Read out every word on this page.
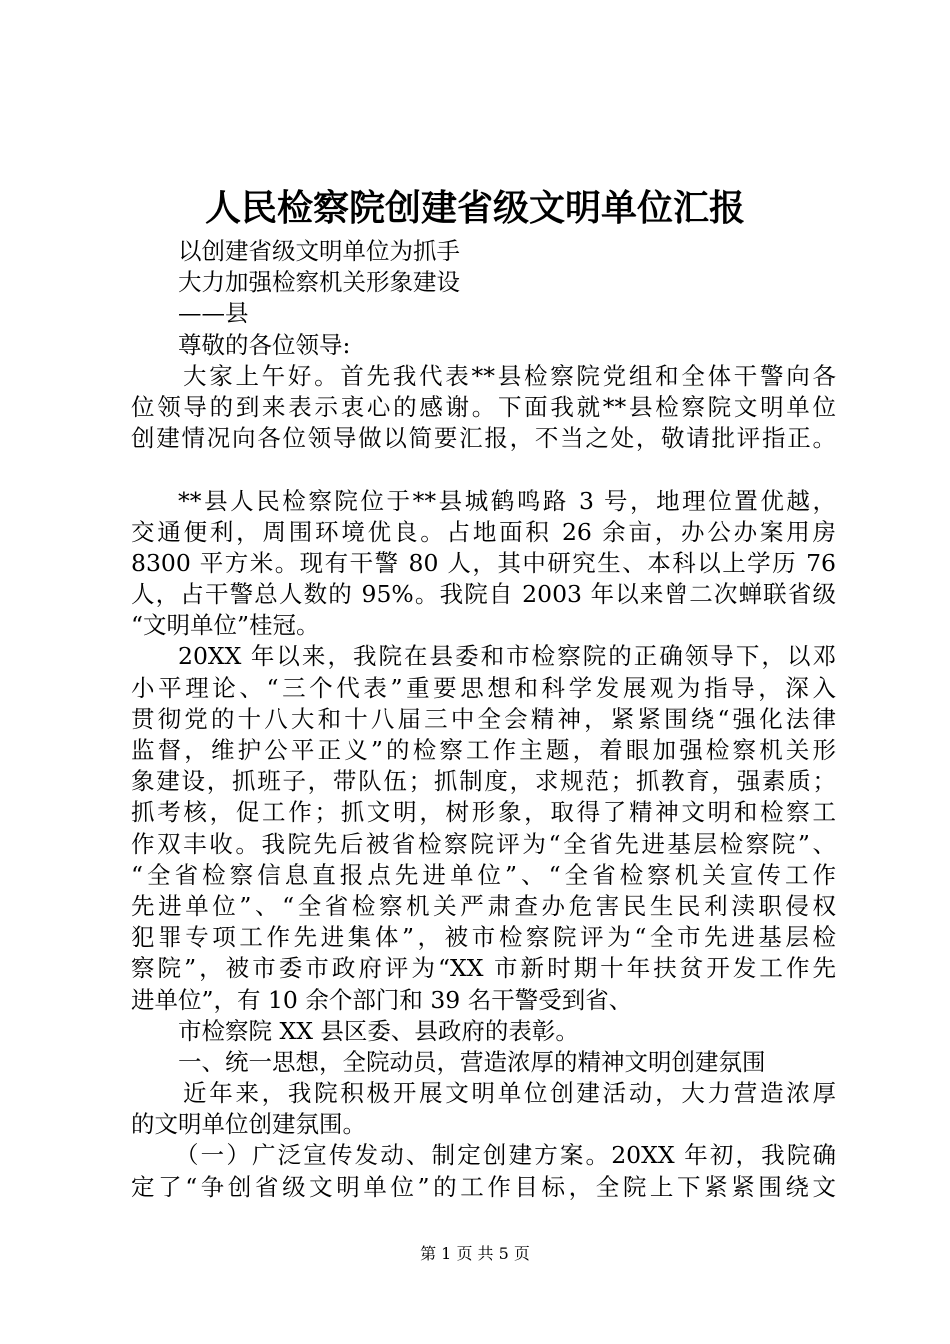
人民检察院创建省级文明单位汇报
以创建省级文明单位为抓手
大力加强检察机关形象建设
——县
尊敬的各位领导:
大家上午好。首先我代表**县检察院党组和全体干警向各
位领导的到来表示衷心的感谢。下面我就**县检察院文明单位
创建情况向各位领导做以简要汇报，不当之处，敬请批评指正。
**县人民检察院位于**县城鹤鸣路 3 号，地理位置优越，
交通便利，周围环境优良。占地面积 26 余亩，办公办案用房
8300 平方米。现有干警 80 人，其中研究生、本科以上学历 76
人，占干警总人数的 95%。我院自 2003 年以来曾二次蝉联省级
“文明单位”桂冠。
20XX 年以来，我院在县委和市检察院的正确领导下，以邓
小平理论、“三个代表”重要思想和科学发展观为指导，深入
贯彻党的十八大和十八届三中全会精神，紧紧围绕“强化法律
监督，维护公平正义”的检察工作主题，着眼加强检察机关形
象建设，抓班子，带队伍；抓制度，求规范；抓教育，强素质；
抓考核，促工作；抓文明，树形象，取得了精神文明和检察工
作双丰收。我院先后被省检察院评为“全省先进基层检察院”、
“全省检察信息直报点先进单位”、“全省检察机关宣传工作
先进单位”、“全省检察机关严肃查办危害民生民利渎职侵权
犯罪专项工作先进集体”，被市检察院评为“全市先进基层检
察院”，被市委市政府评为“XX 市新时期十年扶贫开发工作先
进单位”，有 10 余个部门和 39 名干警受到省、
市检察院 XX 县区委、县政府的表彰。
一、统一思想，全院动员，营造浓厚的精神文明创建氛围
近年来，我院积极开展文明单位创建活动，大力营造浓厚
的文明单位创建氛围。
（一）广泛宣传发动、制定创建方案。20XX 年初，我院确
定了“争创省级文明单位”的工作目标，全院上下紧紧围绕文
第 1 页 共 5 页
